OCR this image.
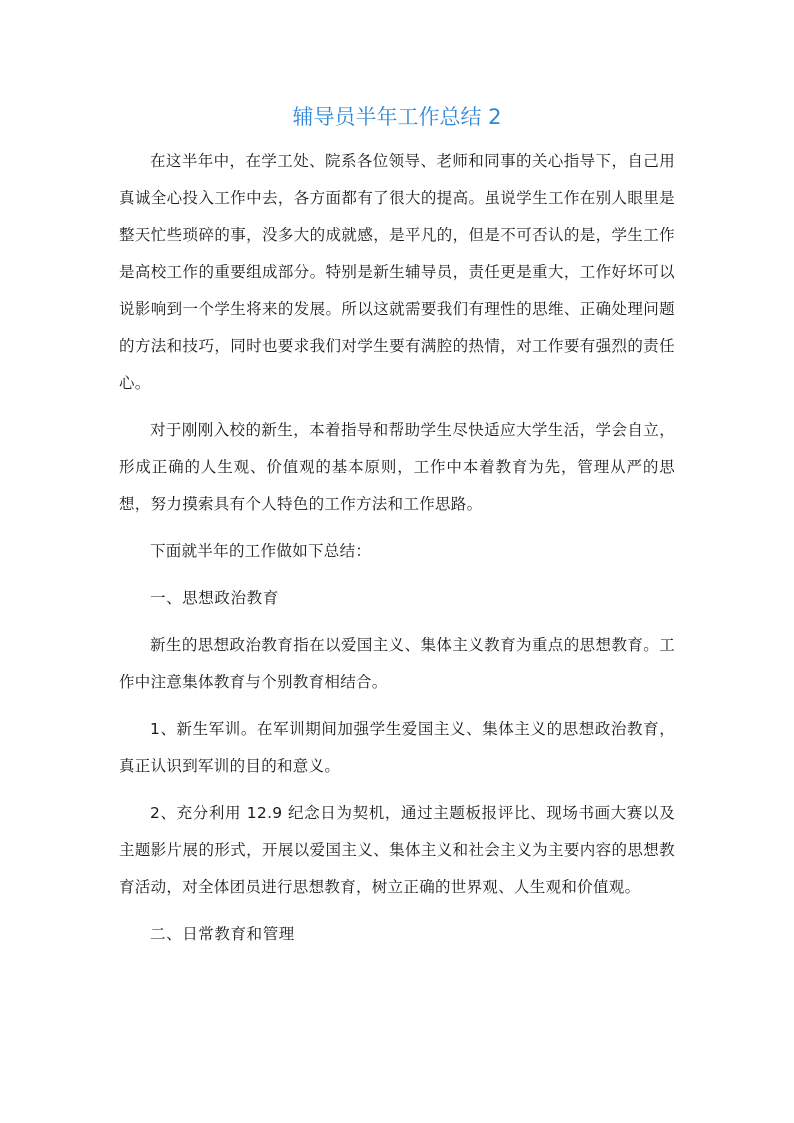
辅导员半年工作总结 2

在这半年中，在学工处、院系各位领导、老师和同事的关心指导下，自己用真诚全心投入工作中去，各方面都有了很大的提高。虽说学生工作在别人眼里是整天忙些琐碎的事，没多大的成就感，是平凡的，但是不可否认的是，学生工作是高校工作的重要组成部分。特别是新生辅导员，责任更是重大，工作好坏可以说影响到一个学生将来的发展。所以这就需要我们有理性的思维、正确处理问题的方法和技巧，同时也要求我们对学生要有满腔的热情，对工作要有强烈的责任心。

对于刚刚入校的新生，本着指导和帮助学生尽快适应大学生活，学会自立，形成正确的人生观、价值观的基本原则，工作中本着教育为先，管理从严的思想，努力摸索具有个人特色的工作方法和工作思路。

下面就半年的工作做如下总结：

一、思想政治教育

新生的思想政治教育指在以爱国主义、集体主义教育为重点的思想教育。工作中注意集体教育与个别教育相结合。

1、新生军训。在军训期间加强学生爱国主义、集体主义的思想政治教育，真正认识到军训的目的和意义。

2、充分利用 12.9 纪念日为契机，通过主题板报评比、现场书画大赛以及主题影片展的形式，开展以爱国主义、集体主义和社会主义为主要内容的思想教育活动，对全体团员进行思想教育，树立正确的世界观、人生观和价值观。

二、日常教育和管理
